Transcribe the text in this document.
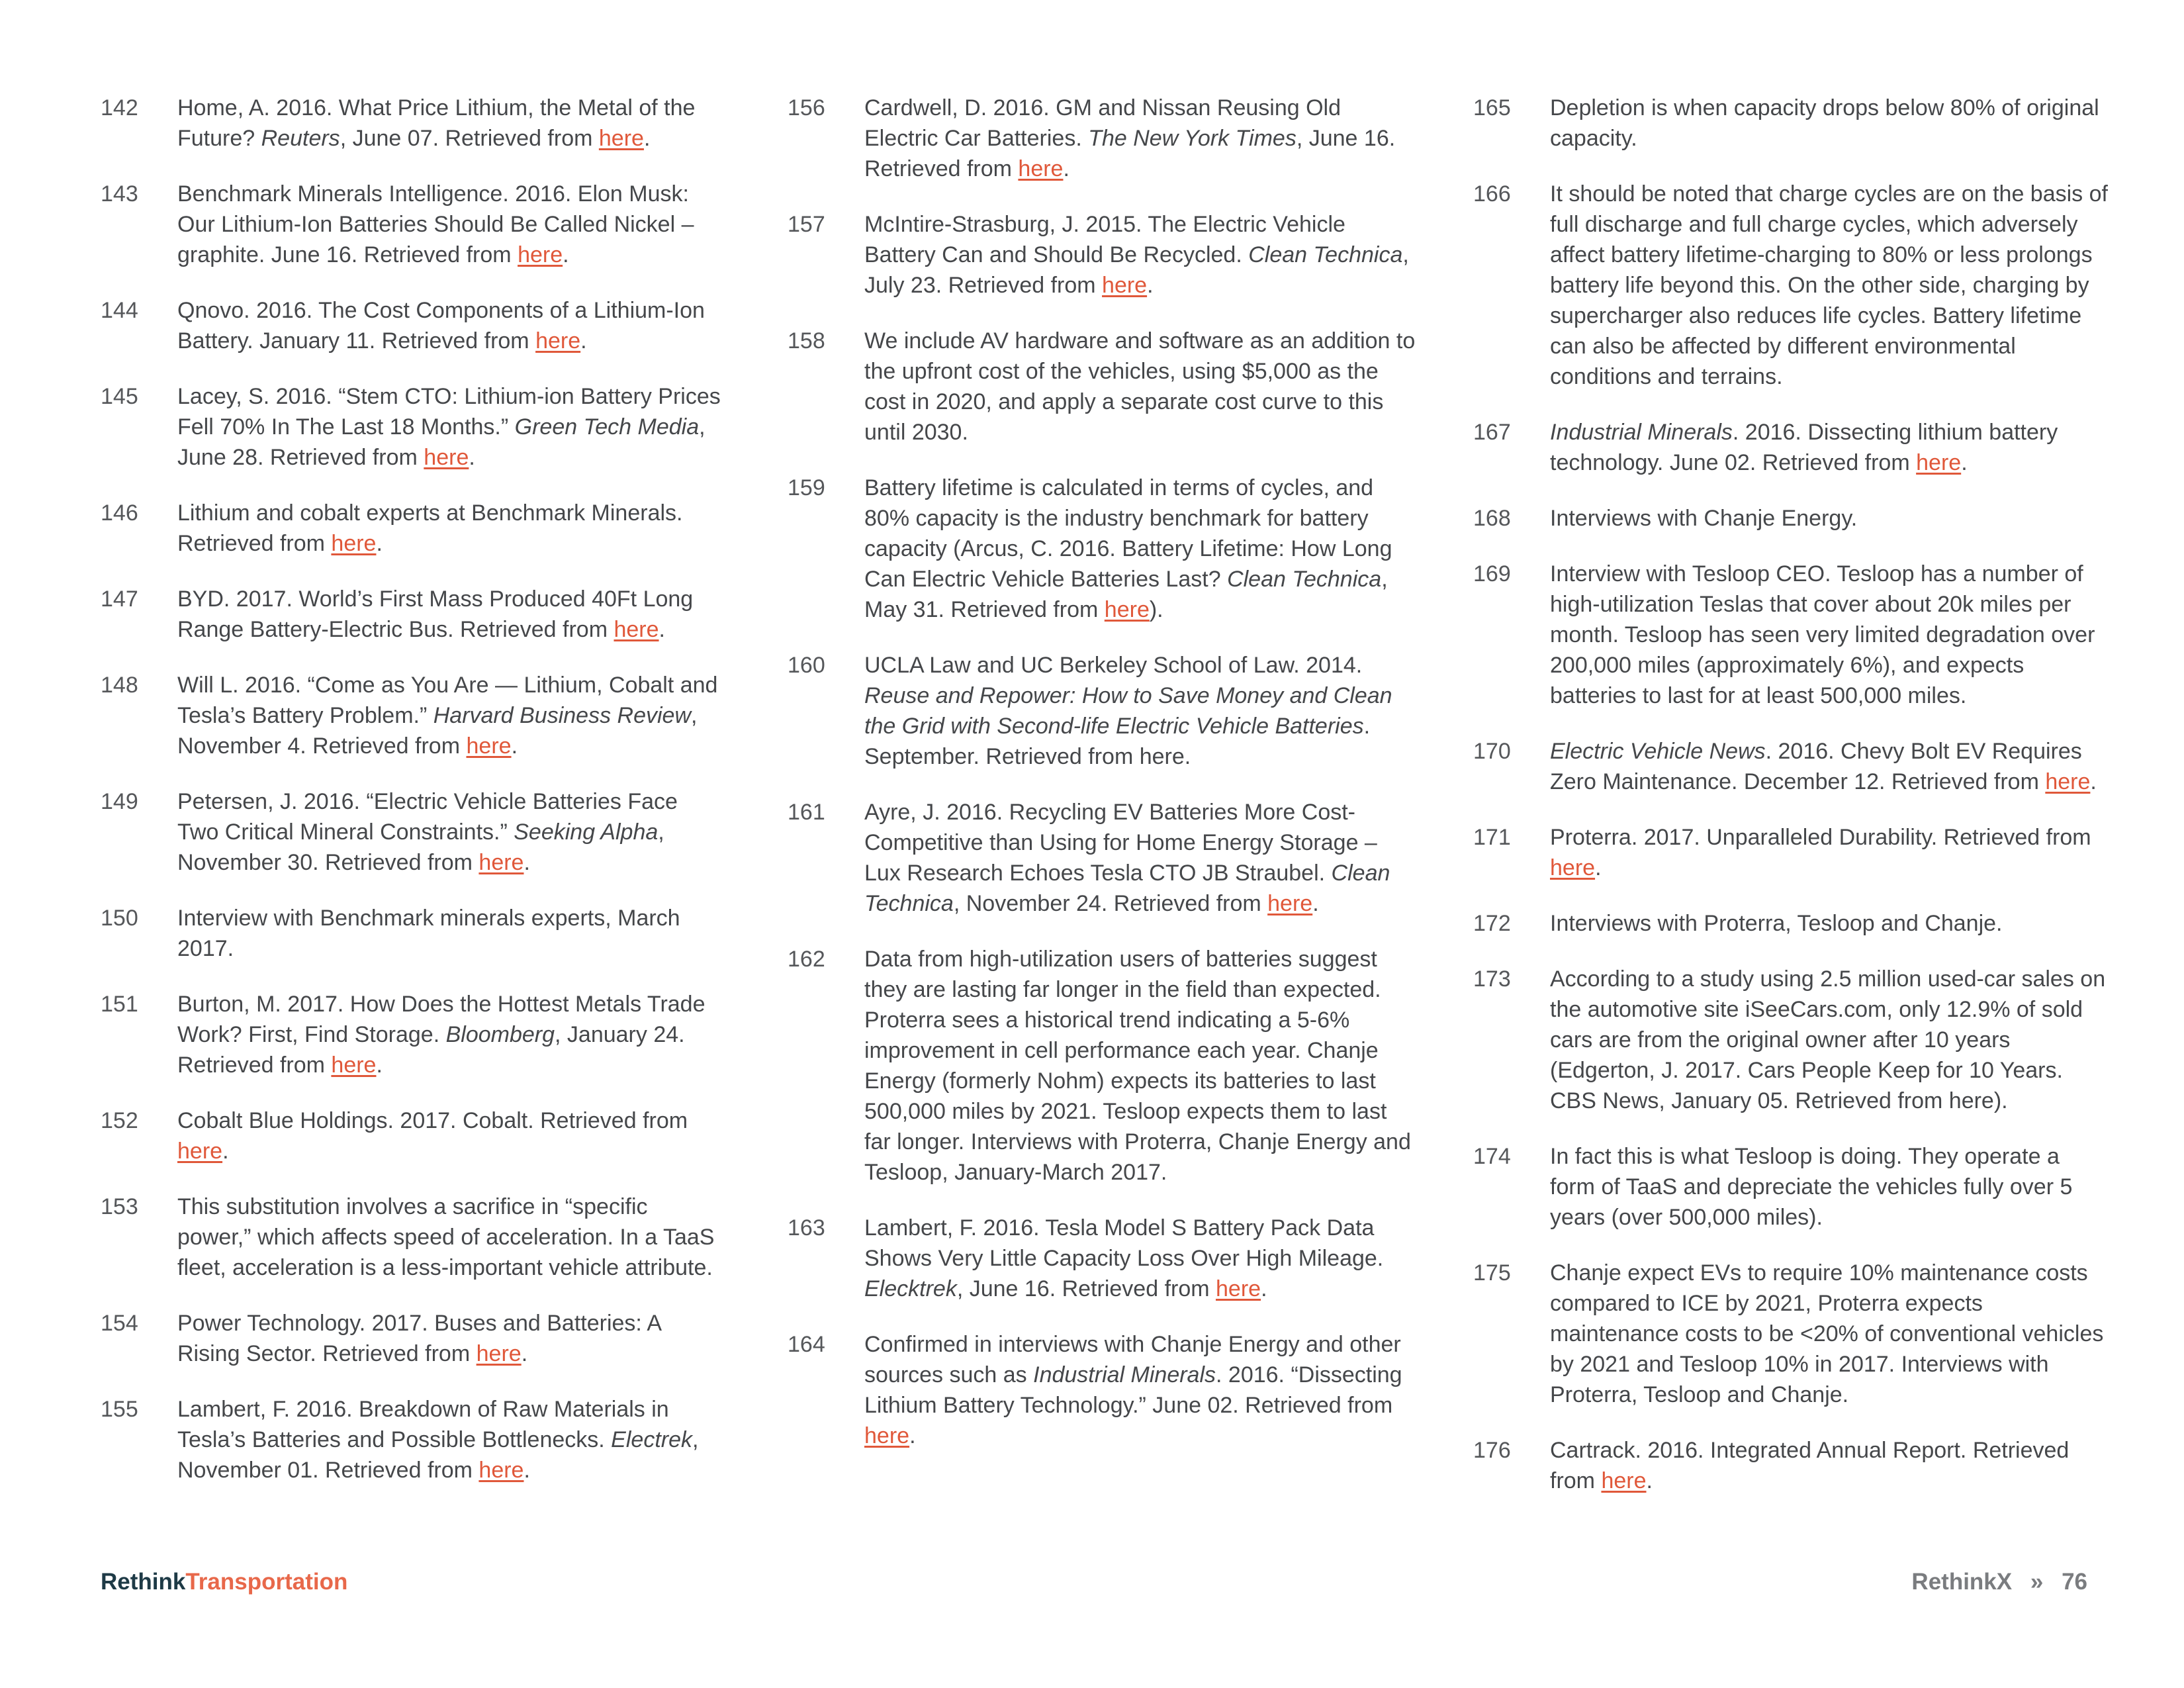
142	Home, A. 2016. What Price Lithium, the Metal of the Future? Reuters, June 07. Retrieved from here.
143	Benchmark Minerals Intelligence. 2016. Elon Musk: Our Lithium-Ion Batteries Should Be Called Nickel –graphite. June 16. Retrieved from here.
144	Qnovo. 2016. The Cost Components of a Lithium-Ion Battery. January 11. Retrieved from here.
145	Lacey, S. 2016. “Stem CTO: Lithium-ion Battery Prices Fell 70% In The Last 18 Months.” Green Tech Media, June 28. Retrieved from here.
146	Lithium and cobalt experts at Benchmark Minerals. Retrieved from here.
147	BYD. 2017. World’s First Mass Produced 40Ft Long Range Battery-Electric Bus. Retrieved from here.
148	Will L. 2016. “Come as You Are — Lithium, Cobalt and Tesla’s Battery Problem.” Harvard Business Review, November 4. Retrieved from here.
149	Petersen, J. 2016. “Electric Vehicle Batteries Face Two Critical Mineral Constraints.” Seeking Alpha, November 30. Retrieved from here.
150	Interview with Benchmark minerals experts, March 2017.
151	Burton, M. 2017. How Does the Hottest Metals Trade Work? First, Find Storage. Bloomberg, January 24. Retrieved from here.
152	Cobalt Blue Holdings. 2017. Cobalt. Retrieved from here.
153	This substitution involves a sacrifice in “specific power,” which affects speed of acceleration. In a TaaS fleet, acceleration is a less-important vehicle attribute.
154	Power Technology. 2017. Buses and Batteries: A Rising Sector. Retrieved from here.
155	Lambert, F. 2016. Breakdown of Raw Materials in Tesla’s Batteries and Possible Bottlenecks. Electrek, November 01. Retrieved from here.
156	Cardwell, D. 2016. GM and Nissan Reusing Old Electric Car Batteries. The New York Times, June 16. Retrieved from here.
157	McIntire-Strasburg, J. 2015. The Electric Vehicle Battery Can and Should Be Recycled. Clean Technica, July 23. Retrieved from here.
158	We include AV hardware and software as an addition to the upfront cost of the vehicles, using $5,000 as the cost in 2020, and apply a separate cost curve to this until 2030.
159	Battery lifetime is calculated in terms of cycles, and 80% capacity is the industry benchmark for battery capacity (Arcus, C. 2016. Battery Lifetime: How Long Can Electric Vehicle Batteries Last? Clean Technica, May 31. Retrieved from here).
160	UCLA Law and UC Berkeley School of Law. 2014. Reuse and Repower: How to Save Money and Clean the Grid with Second-life Electric Vehicle Batteries. September. Retrieved from here.
161	Ayre, J. 2016. Recycling EV Batteries More Cost-Competitive than Using for Home Energy Storage – Lux Research Echoes Tesla CTO JB Straubel. Clean Technica, November 24. Retrieved from here.
162	Data from high-utilization users of batteries suggest they are lasting far longer in the field than expected. Proterra sees a historical trend indicating a 5-6% improvement in cell performance each year. Chanje Energy (formerly Nohm) expects its batteries to last 500,000 miles by 2021. Tesloop expects them to last far longer. Interviews with Proterra, Chanje Energy and Tesloop, January-March 2017.
163	Lambert, F. 2016. Tesla Model S Battery Pack Data Shows Very Little Capacity Loss Over High Mileage. Elecktrek, June 16. Retrieved from here.
164	Confirmed in interviews with Chanje Energy and other sources such as Industrial Minerals. 2016. “Dissecting Lithium Battery Technology.” June 02. Retrieved from here.
165	Depletion is when capacity drops below 80% of original capacity.
166	It should be noted that charge cycles are on the basis of full discharge and full charge cycles, which adversely affect battery lifetime-charging to 80% or less prolongs battery life beyond this. On the other side, charging by supercharger also reduces life cycles. Battery lifetime can also be affected by different environmental conditions and terrains.
167	Industrial Minerals. 2016. Dissecting lithium battery technology. June 02. Retrieved from here.
168	Interviews with Chanje Energy.
169	Interview with Tesloop CEO. Tesloop has a number of high-utilization Teslas that cover about 20k miles per month. Tesloop has seen very limited degradation over 200,000 miles (approximately 6%), and expects batteries to last for at least 500,000 miles.
170	Electric Vehicle News. 2016. Chevy Bolt EV Requires Zero Maintenance. December 12. Retrieved from here.
171	Proterra. 2017. Unparalleled Durability. Retrieved from here.
172	Interviews with Proterra, Tesloop and Chanje.
173	According to a study using 2.5 million used-car sales on the automotive site iSeeCars.com, only 12.9% of sold cars are from the original owner after 10 years (Edgerton, J. 2017. Cars People Keep for 10 Years. CBS News, January 05. Retrieved from here).
174	In fact this is what Tesloop is doing. They operate a form of TaaS and depreciate the vehicles fully over 5 years (over 500,000 miles).
175	Chanje expect EVs to require 10% maintenance costs compared to ICE by 2021, Proterra expects maintenance costs to be <20% of conventional vehicles by 2021 and Tesloop 10% in 2017. Interviews with Proterra, Tesloop and Chanje.
176	Cartrack. 2016. Integrated Annual Report. Retrieved from here.
RethinkTransportation	RethinkX » 76
